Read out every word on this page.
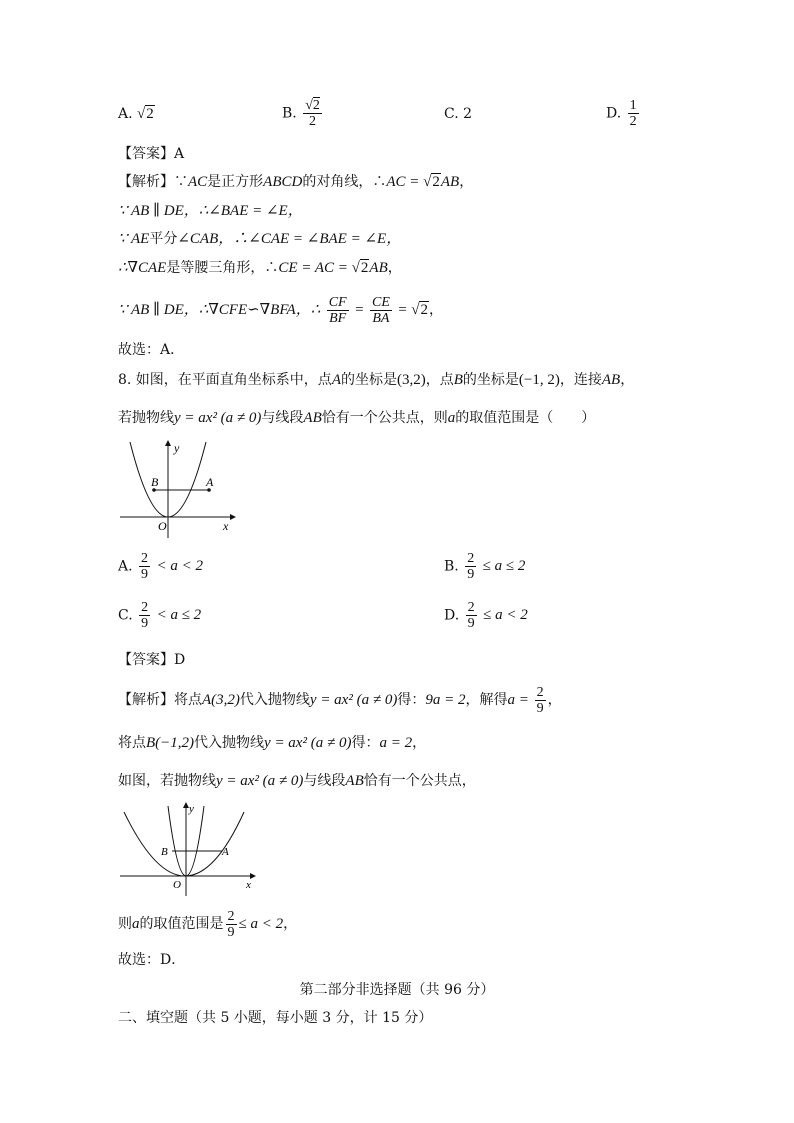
A. √2	B. $\frac{√2}{2}$	C. 2	D. $\frac{1}{2}$
【答案】A
【解析】∵AC是正方形ABCD的对角线，∴AC = √2AB，
∵ AB ∥ DE，∴∠BAE = ∠E，
∵ AE平分∠CAB，∴∠CAE = ∠BAE = ∠E，
∴∇CAE是等腰三角形，∴CE = AC = √2AB，
∵ AB ∥ DE，∴∇CFE∽∇BFA，∴ $\frac{CF}{BF} = \frac{CE}{BA} = √2$，
故选：A．
8. 如图，在平面直角坐标系中，点A的坐标是(3,2)，点B的坐标是(−1, 2)，连接AB，
若抛物线y = ax² (a ≠ 0)与线段AB恰有一个公共点，则a的取值范围是（　　）
y
x
O
B	A
A. $\frac{2}{9} < a < 2$	B. $\frac{2}{9} \le a \le 2$
C. $\frac{2}{9} < a \le 2$	D. $\frac{2}{9} \le a < 2$
【答案】D
【解析】将点A(3,2)代入抛物线y = ax² (a ≠ 0)得：9a = 2，解得$a = \frac{2}{9}$ ，
将点B(−1,2)代入抛物线y = ax² (a ≠ 0)得：a = 2，
如图，若抛物线y = ax² (a ≠ 0)与线段AB恰有一个公共点，
y
x
O
B	A
则a的取值范围是 $\frac{2}{9} \le a < 2$，
故选：D．
第二部分非选择题（共 96 分）
二、填空题（共 5 小题，每小题 3 分，计 15 分）
